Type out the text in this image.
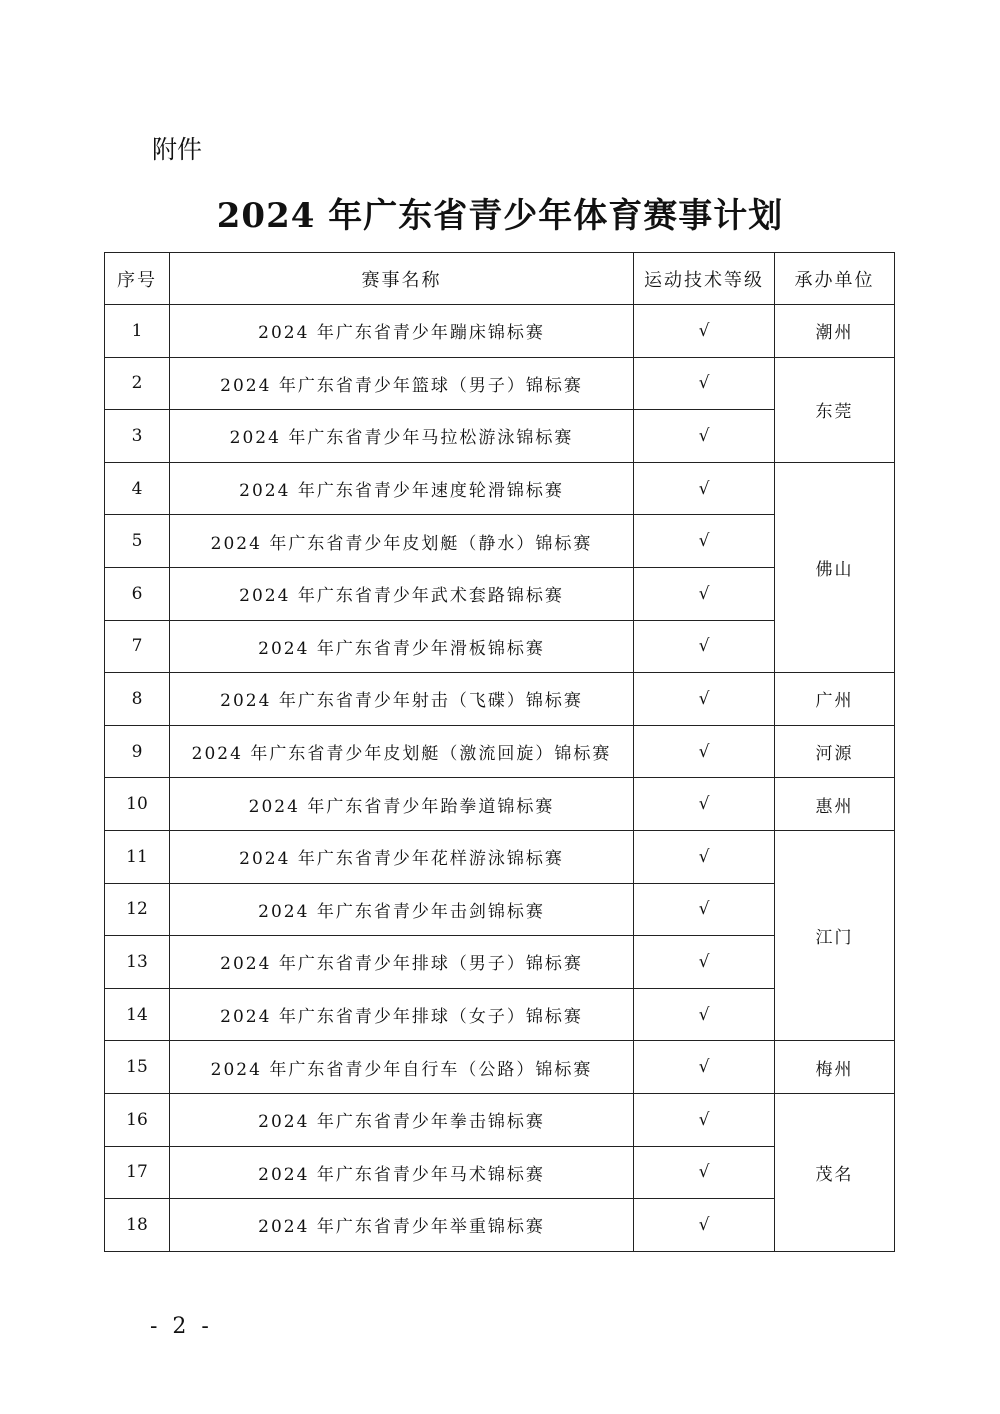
附件
2024 年广东省青少年体育赛事计划
序号	赛事名称	运动技术等级	承办单位
1	2024 年广东省青少年蹦床锦标赛	√	潮州
2	2024 年广东省青少年篮球（男子）锦标赛	√	东莞
3	2024 年广东省青少年马拉松游泳锦标赛	√	
4	2024 年广东省青少年速度轮滑锦标赛	√	佛山
5	2024 年广东省青少年皮划艇（静水）锦标赛	√	
6	2024 年广东省青少年武术套路锦标赛	√	
7	2024 年广东省青少年滑板锦标赛	√	
8	2024 年广东省青少年射击（飞碟）锦标赛	√	广州
9	2024 年广东省青少年皮划艇（激流回旋）锦标赛	√	河源
10	2024 年广东省青少年跆拳道锦标赛	√	惠州
11	2024 年广东省青少年花样游泳锦标赛	√	江门
12	2024 年广东省青少年击剑锦标赛	√	
13	2024 年广东省青少年排球（男子）锦标赛	√	
14	2024 年广东省青少年排球（女子）锦标赛	√	
15	2024 年广东省青少年自行车（公路）锦标赛	√	梅州
16	2024 年广东省青少年拳击锦标赛	√	茂名
17	2024 年广东省青少年马术锦标赛	√	
18	2024 年广东省青少年举重锦标赛	√	
- 2 -
